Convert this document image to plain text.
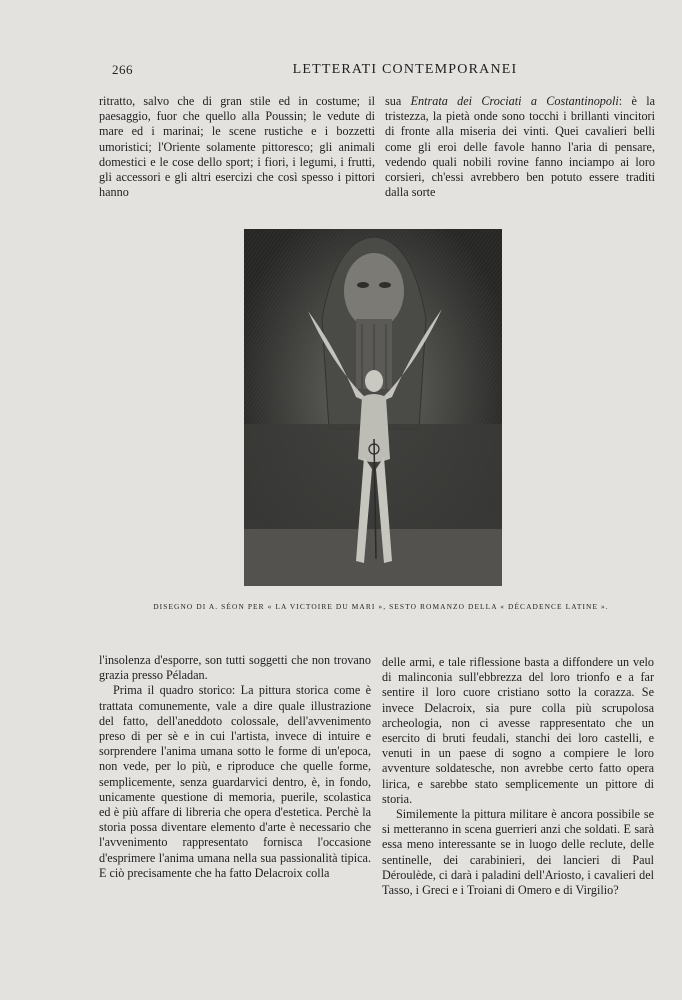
266	LETTERATI CONTEMPORANEI

ritratto, salvo che di gran stile ed in costume; il paesaggio, fuor che quello alla Poussin; le vedute di mare ed i marinai; le scene rustiche e i bozzetti umoristici; l'Oriente solamente pittoresco; gli animali domestici e le cose dello sport; i fiori, i legumi, i frutti, gli accessori e gli altri esercizi che così spesso i pittori hanno

sua Entrata dei Crociati a Costantinopoli: è la tristezza, la pietà onde sono tocchi i brillanti vincitori di fronte alla miseria dei vinti. Quei cavalieri belli come gli eroi delle favole hanno l'aria di pensare, vedendo quali nobili rovine fanno inciampo ai loro corsieri, ch'essi avrebbero ben potuto essere traditi dalla sorte

DISEGNO DI A. SÉON PER « LA VICTOIRE DU MARI », SESTO ROMANZO DELLA « DÉCADENCE LATINE ».

l'insolenza d'esporre, son tutti soggetti che non trovano grazia presso Péladan.

Prima il quadro storico: La pittura storica come è trattata comunemente, vale a dire quale illustrazione del fatto, dell'aneddoto colossale, dell'avvenimento preso di per sè e in cui l'artista, invece di intuire e sorprendere l'anima umana sotto le forme di un'epoca, non vede, per lo più, e riproduce che quelle forme, semplicemente, senza guardarvici dentro, è, in fondo, unicamente questione di memoria, puerile, scolastica ed è più affare di libreria che opera d'estetica. Perchè la storia possa diventare elemento d'arte è necessario che l'avvenimento rappresentato fornisca l'occasione d'esprimere l'anima umana nella sua passionalità tipica. E ciò precisamente che ha fatto Delacroix colla

delle armi, e tale riflessione basta a diffondere un velo di malinconia sull'ebbrezza del loro trionfo e a far sentire il loro cuore cristiano sotto la corazza. Se invece Delacroix, sia pure colla più scrupolosa archeologia, non ci avesse rappresentato che un esercito di bruti feudali, stanchi dei loro castelli, e venuti in un paese di sogno a compiere le loro avventure soldatesche, non avrebbe certo fatto opera lirica, e sarebbe stato semplicemente un pittore di storia.

Similemente la pittura militare è ancora possibile se si metteranno in scena guerrieri anzi che soldati. E sarà essa meno interessante se in luogo delle reclute, delle sentinelle, dei carabinieri, dei lancieri di Paul Déroulède, ci darà i paladini dell'Ariosto, i cavalieri del Tasso, i Greci e i Troiani di Omero e di Virgilio?
